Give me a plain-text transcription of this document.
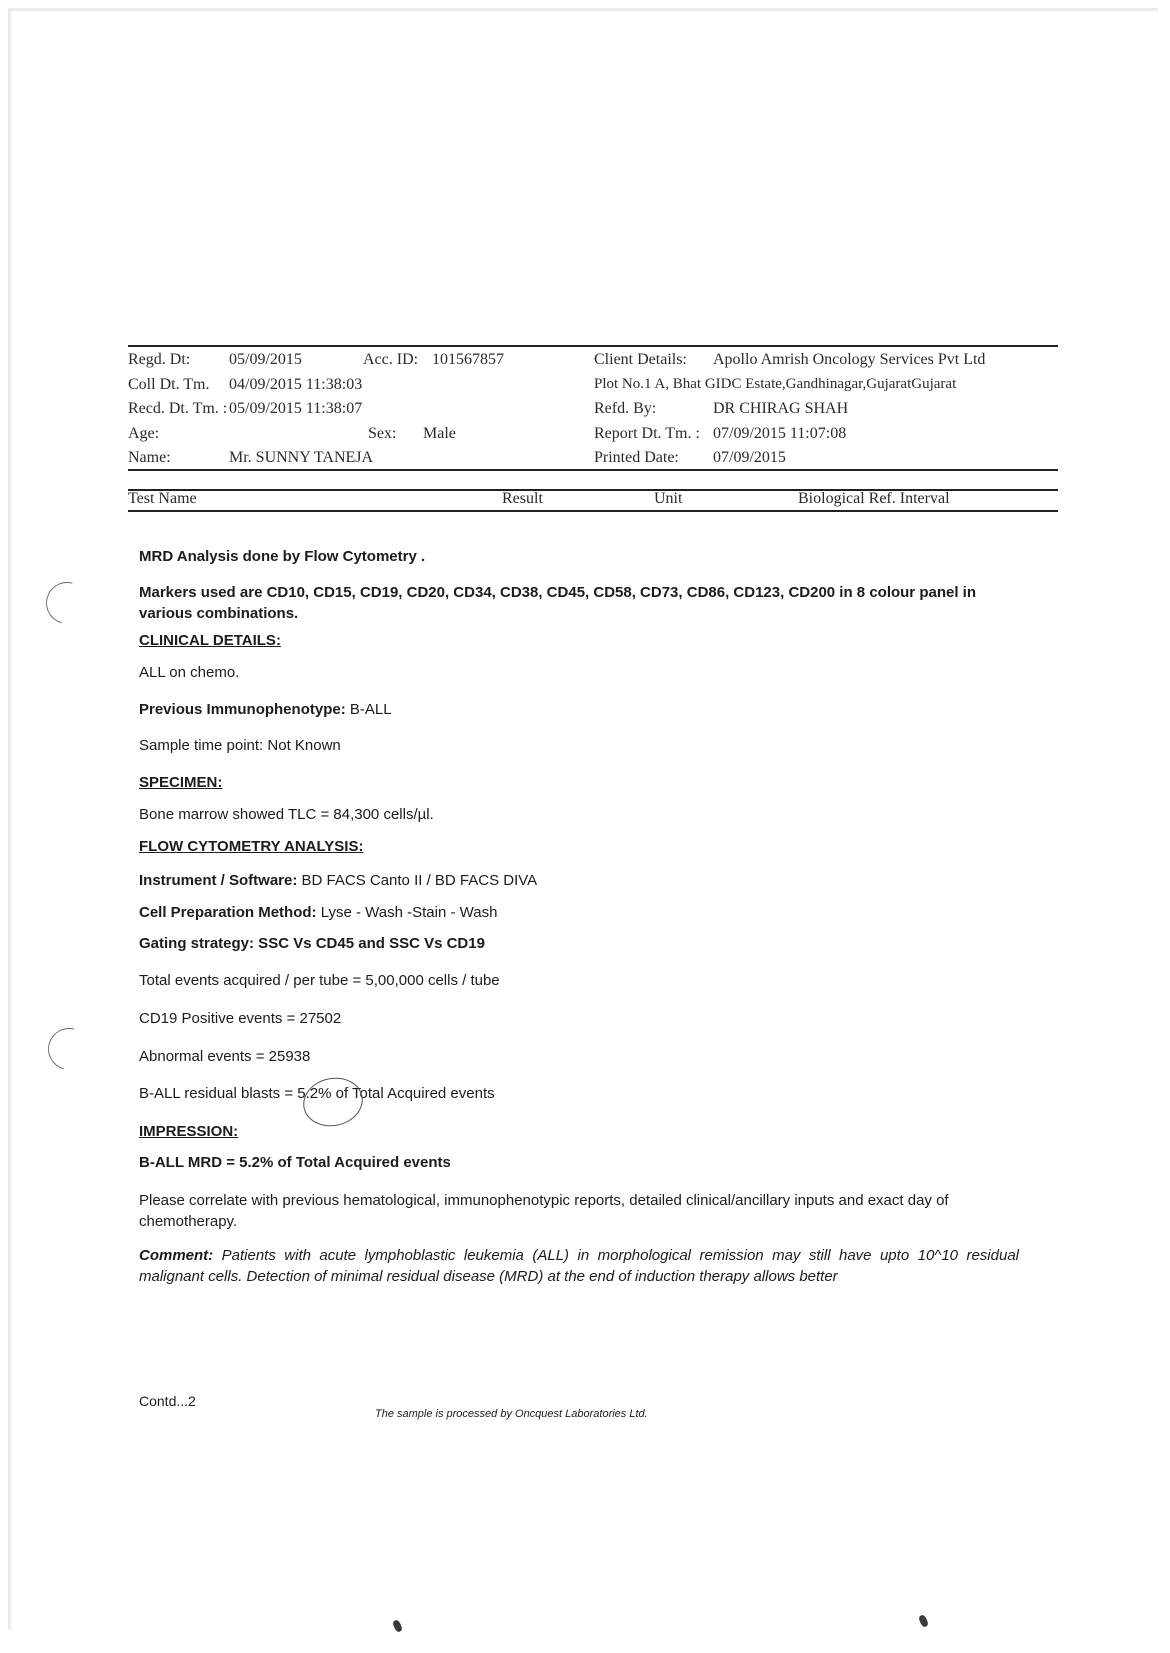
Regd. Dt: 05/09/2015	Acc. ID: 101567857	Client Details: Apollo Amrish Oncology Services Pvt Ltd
Coll Dt. Tm. 04/09/2015 11:38:03	Plot No.1 A, Bhat GIDC Estate,Gandhinagar,GujaratGujarat
Recd. Dt. Tm. : 05/09/2015 11:38:07	Refd. By:	DR CHIRAG SHAH
Age:	Sex: Male	Report Dt. Tm. : 07/09/2015 11:07:08
Name:	Mr. SUNNY TANEJA	Printed Date: 07/09/2015
Test Name	Result	Unit	Biological Ref. Interval
MRD Analysis done by Flow Cytometry .
Markers used are CD10, CD15, CD19, CD20, CD34, CD38, CD45, CD58, CD73, CD86, CD123, CD200 in 8 colour panel in various combinations.
CLINICAL DETAILS:
ALL on chemo.
Previous Immunophenotype: B-ALL
Sample time point: Not Known
SPECIMEN:
Bone marrow showed TLC = 84,300 cells/µl.
FLOW CYTOMETRY ANALYSIS:
Instrument / Software: BD FACS Canto II / BD FACS DIVA
Cell Preparation Method: Lyse - Wash -Stain - Wash
Gating strategy: SSC Vs CD45 and SSC Vs CD19
Total events acquired / per tube = 5,00,000 cells / tube
CD19 Positive events = 27502
Abnormal events = 25938
B-ALL residual blasts = 5.2% of Total Acquired events
IMPRESSION:
B-ALL MRD = 5.2% of Total Acquired events
Please correlate with previous hematological, immunophenotypic reports, detailed clinical/ancillary inputs and exact day of chemotherapy.
Comment: Patients with acute lymphoblastic leukemia (ALL) in morphological remission may still have upto 10^10 residual malignant cells. Detection of minimal residual disease (MRD) at the end of induction therapy allows better
Contd...2
The sample is processed by Oncquest Laboratories Ltd.
